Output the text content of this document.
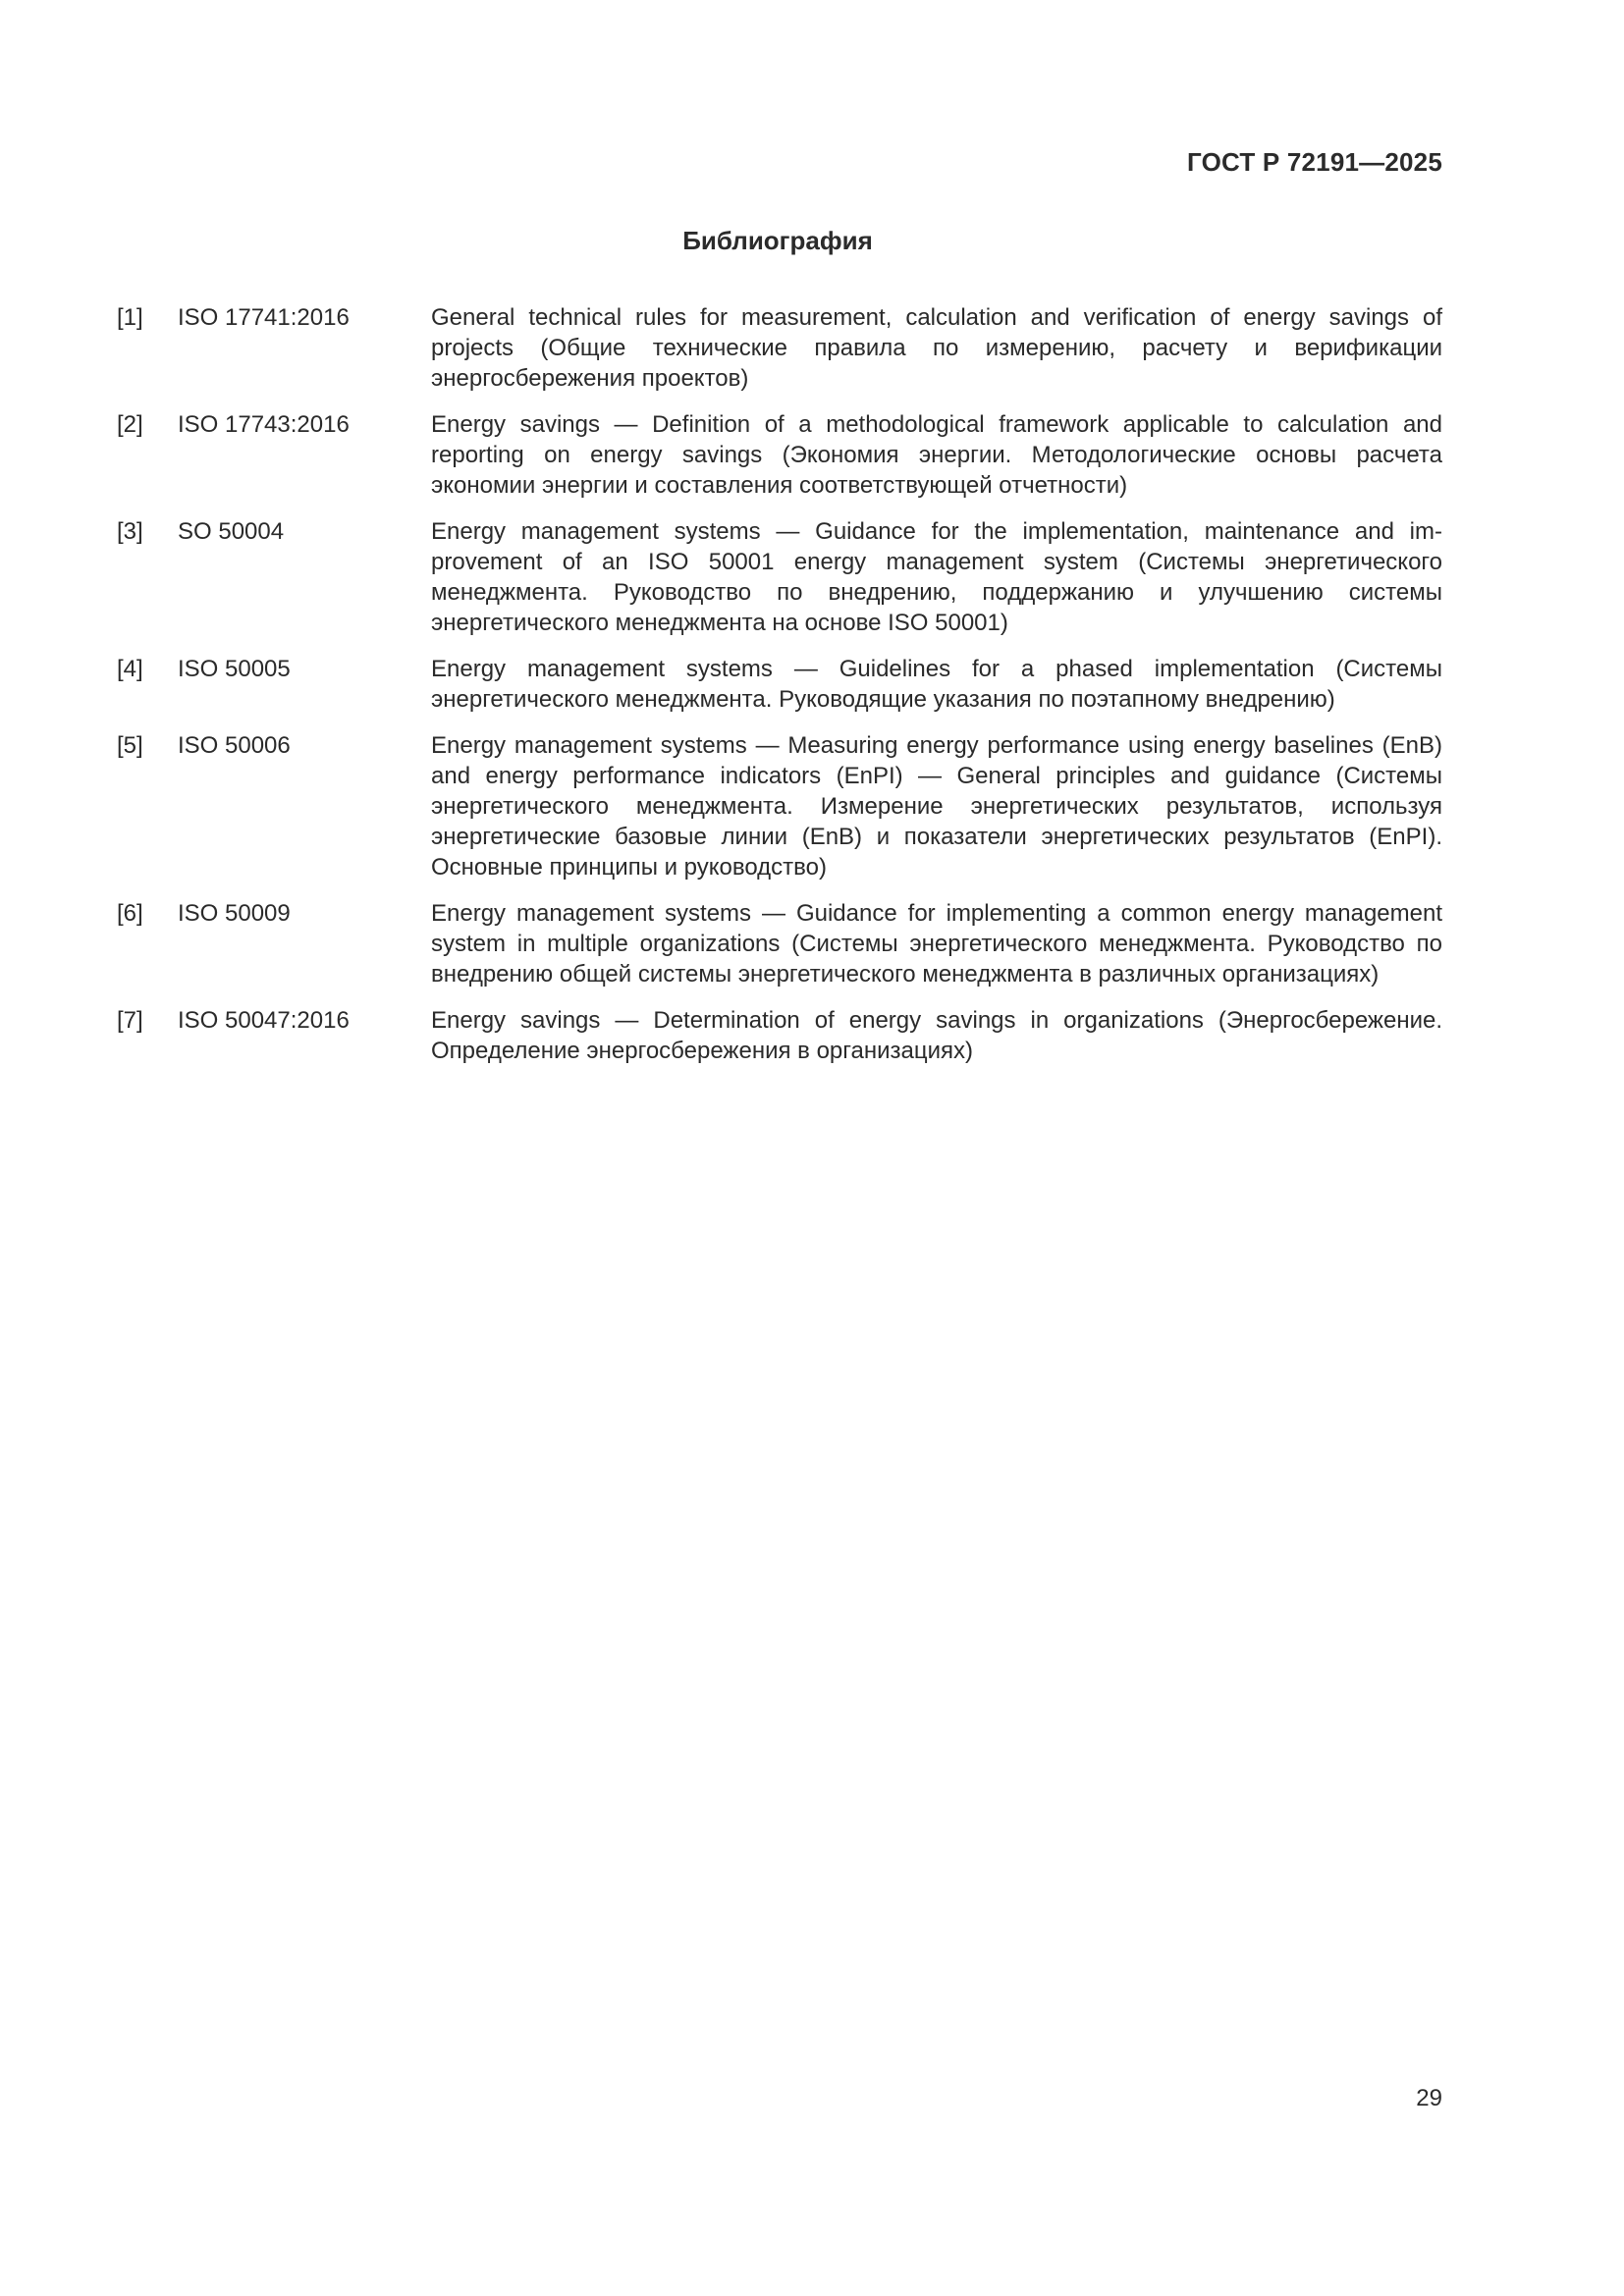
ГОСТ Р 72191—2025
Библиография
[1]	ISO 17741:2016	General technical rules for measurement, calculation and verification of energy savings of projects (Общие технические правила по измерению, расчету и верификации энергосбережения проектов)
[2]	ISO 17743:2016	Energy savings — Definition of a methodological framework applicable to calculation and reporting on energy savings (Экономия энергии. Методологические основы расчета экономии энергии и составления соответствующей отчетности)
[3]	SO 50004	Energy management systems — Guidance for the implementation, maintenance and improvement of an ISO 50001 energy management system (Системы энергетического менеджмента. Руководство по внедрению, поддержанию и улучшению системы энергетического менеджмента на основе ISO 50001)
[4]	ISO 50005	Energy management systems — Guidelines for a phased implementation (Системы энергетического менеджмента. Руководящие указания по поэтапному внедрению)
[5]	ISO 50006	Energy management systems — Measuring energy performance using energy baselines (EnB) and energy performance indicators (EnPI) — General principles and guidance (Системы энергетического менеджмента. Измерение энергетических результатов, используя энергетические базовые линии (EnB) и показатели энергетических результатов (EnPI). Основные принципы и руководство)
[6]	ISO 50009	Energy management systems — Guidance for implementing a common energy management system in multiple organizations (Системы энергетического менеджмента. Руководство по внедрению общей системы энергетического менеджмента в различных организациях)
[7]	ISO 50047:2016	Energy savings — Determination of energy savings in organizations (Энергосбережение. Определение энергосбережения в организациях)
29
